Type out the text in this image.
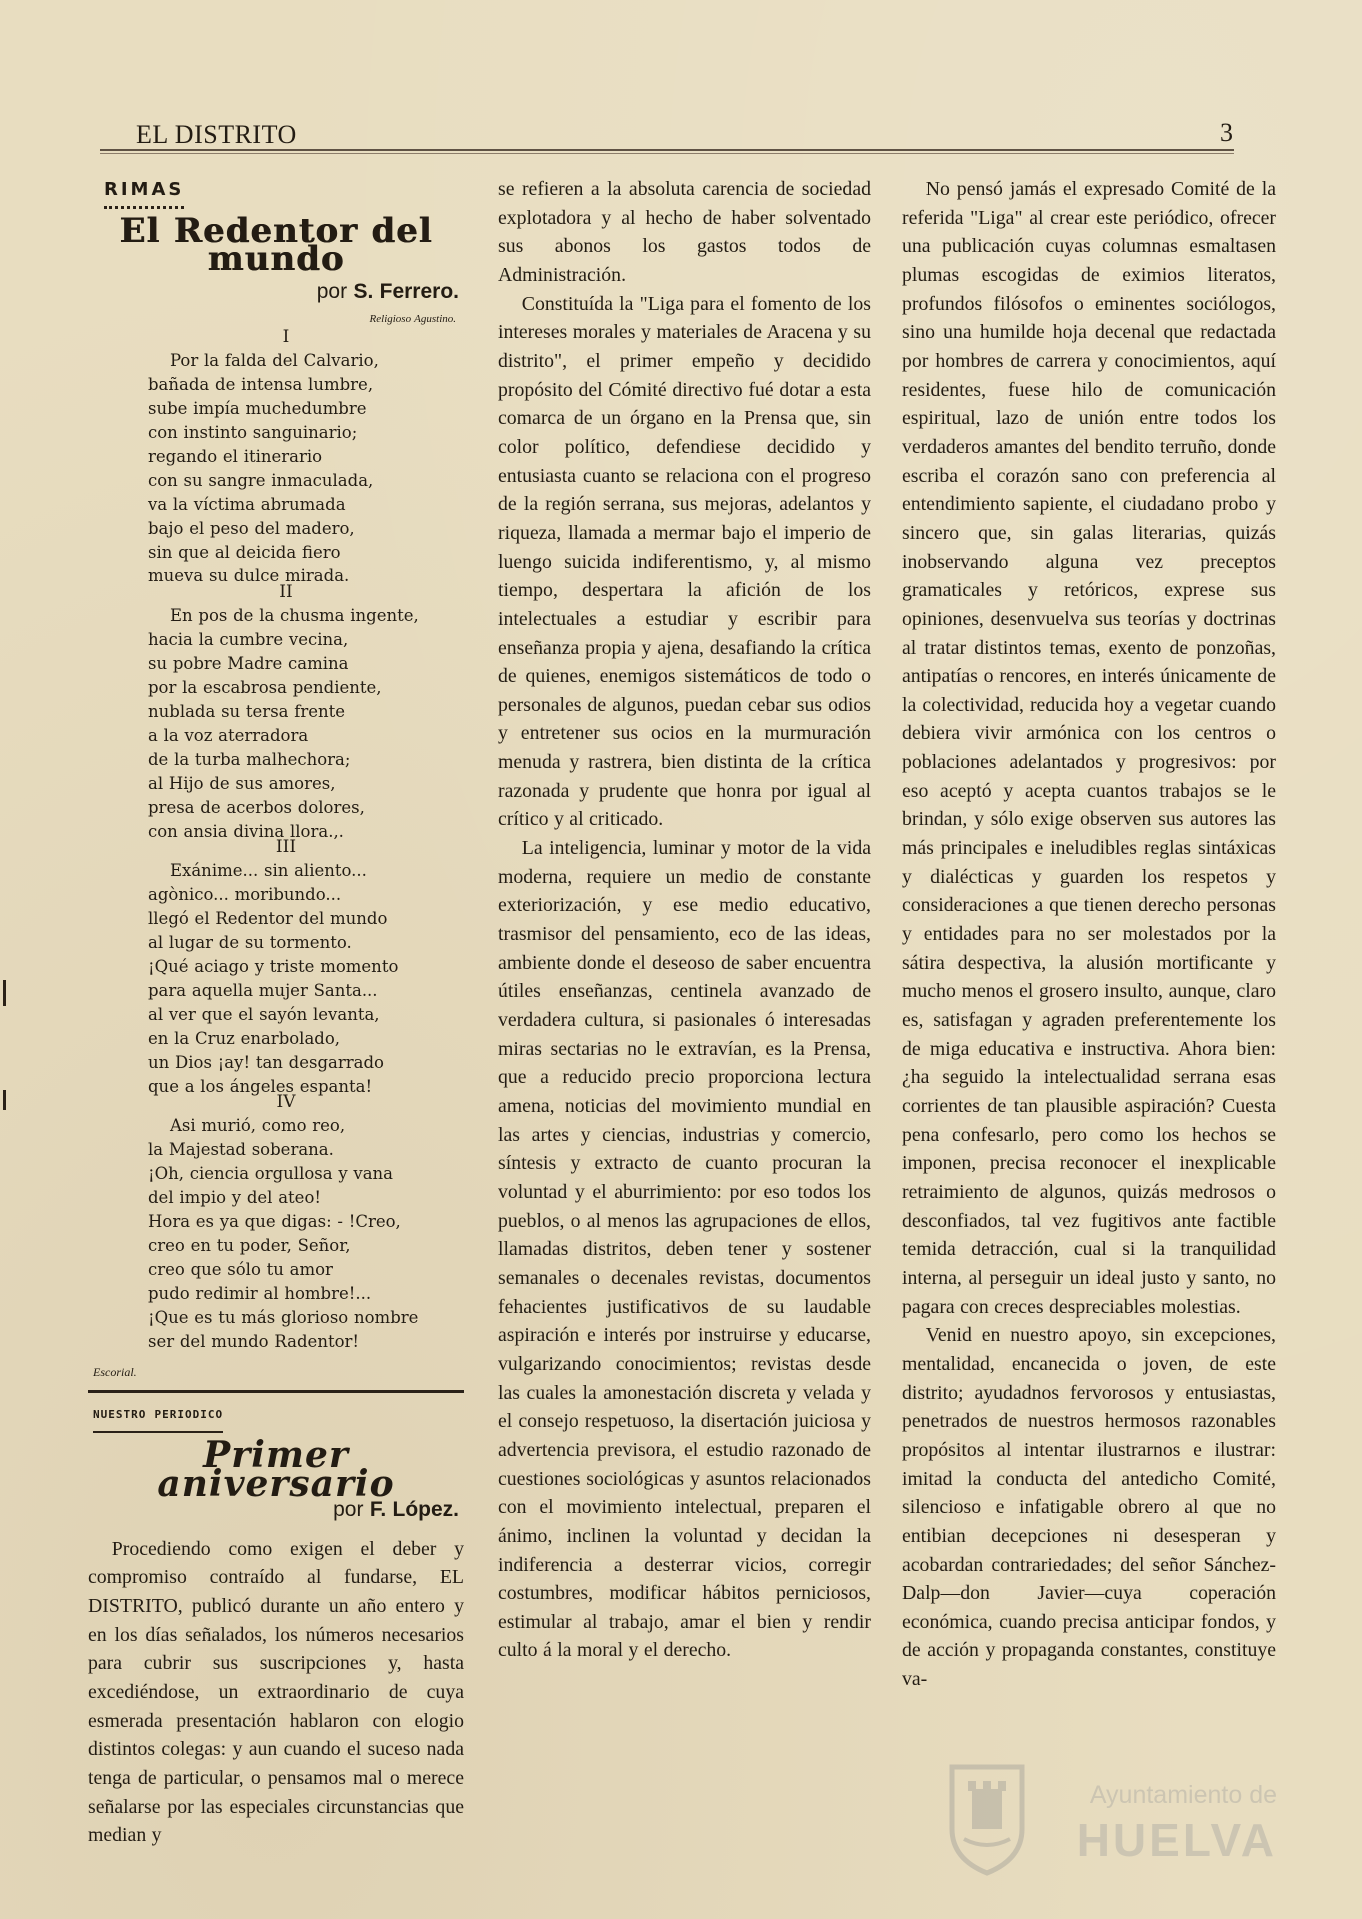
EL DISTRITO	3
RIMAS
El Redentor del mundo
por S. Ferrero.
Religioso Agustino.
I
Por la falda del Calvario,
bañada de intensa lumbre,
sube impía muchedumbre
con instinto sanguinario;
regando el itinerario
con su sangre inmaculada,
va la víctima abrumada
bajo el peso del madero,
sin que al deicida fiero
mueva su dulce mirada.
II
En pos de la chusma ingente,
hacia la cumbre vecina,
su pobre Madre camina
por la escabrosa pendiente,
nublada su tersa frente
a la voz aterradora
de la turba malhechora;
al Hijo de sus amores,
presa de acerbos dolores,
con ansia divina llora.,.
III
Exánime... sin aliento...
agònico... moribundo...
llegó el Redentor del mundo
al lugar de su tormento.
¡Qué aciago y triste momento
para aquella mujer Santa...
al ver que el sayón levanta,
en la Cruz enarbolado,
un Dios ¡ay! tan desgarrado
que a los ángeles espanta!
IV
Asi murió, como reo,
la Majestad soberana.
¡Oh, ciencia orgullosa y vana
del impio y del ateo!
Hora es ya que digas: - !Creo,
creo en tu poder, Señor,
creo que sólo tu amor
pudo redimir al hombre!...
¡Que es tu más glorioso nombre
ser del mundo Radentor!
Escorial.
NUESTRO PERIODICO
Primer aniversario
por F. López.

Procediendo como exigen el deber y compromiso contraído al fundarse, EL DISTRITO, publicó durante un año entero y en los días señalados, los números necesarios para cubrir sus suscripciones y, hasta excediéndose, un extraordinario de cuya esmerada presentación hablaron con elogio distintos colegas: y aun cuando el suceso nada tenga de particular, o pensamos mal o merece señalarse por las especiales circunstancias que median y

se refieren a la absoluta carencia de sociedad explotadora y al hecho de haber solventado sus abonos los gastos todos de Administración.

Constituída la "Liga para el fomento de los intereses morales y materiales de Aracena y su distrito", el primer empeño y decidido propósito del Cómité directivo fué dotar a esta comarca de un órgano en la Prensa que, sin color político, defendiese decidido y entusiasta cuanto se relaciona con el progreso de la región serrana, sus mejoras, adelantos y riqueza, llamada a mermar bajo el imperio de luengo suicida indiferentismo, y, al mismo tiempo, despertara la afición de los intelectuales a estudiar y escribir para enseñanza propia y ajena, desafiando la crítica de quienes, enemigos sistemáticos de todo o personales de algunos, puedan cebar sus odios y entretener sus ocios en la murmuración menuda y rastrera, bien distinta de la crítica razonada y prudente que honra por igual al crítico y al criticado.

La inteligencia, luminar y motor de la vida moderna, requiere un medio de constante exteriorización, y ese medio educativo, trasmisor del pensamiento, eco de las ideas, ambiente donde el deseoso de saber encuentra útiles enseñanzas, centinela avanzado de verdadera cultura, si pasionales ó interesadas miras sectarias no le extravían, es la Prensa, que a reducido precio proporciona lectura amena, noticias del movimiento mundial en las artes y ciencias, industrias y comercio, síntesis y extracto de cuanto procuran la voluntad y el aburrimiento: por eso todos los pueblos, o al menos las agrupaciones de ellos, llamadas distritos, deben tener y sostener semanales o decenales revistas, documentos fehacientes justificativos de su laudable aspiración e interés por instruirse y educarse, vulgarizando conocimientos; revistas desde las cuales la amonestación discreta y velada y el consejo respetuoso, la disertación juiciosa y advertencia previsora, el estudio razonado de cuestiones sociológicas y asuntos relacionados con el movimiento intelectual, preparen el ánimo, inclinen la voluntad y decidan la indiferencia a desterrar vicios, corregir costumbres, modificar hábitos perniciosos, estimular al trabajo, amar el bien y rendir culto á la moral y el derecho.

No pensó jamás el expresado Comité de la referida "Liga" al crear este periódico, ofrecer una publicación cuyas columnas esmaltasen plumas escogidas de eximios literatos, profundos filósofos o eminentes sociólogos, sino una humilde hoja decenal que redactada por hombres de carrera y conocimientos, aquí residentes, fuese hilo de comunicación espiritual, lazo de unión entre todos los verdaderos amantes del bendito terruño, donde escriba el corazón sano con preferencia al entendimiento sapiente, el ciudadano probo y sincero que, sin galas literarias, quizás inobservando alguna vez preceptos gramaticales y retóricos, exprese sus opiniones, desenvuelva sus teorías y doctrinas al tratar distintos temas, exento de ponzoñas, antipatías o rencores, en interés únicamente de la colectividad, reducida hoy a vegetar cuando debiera vivir armónica con los centros o poblaciones adelantados y progresivos: por eso aceptó y acepta cuantos trabajos se le brindan, y sólo exige observen sus autores las más principales e ineludibles reglas sintáxicas y dialécticas y guarden los respetos y consideraciones a que tienen derecho personas y entidades para no ser molestados por la sátira despectiva, la alusión mortificante y mucho menos el grosero insulto, aunque, claro es, satisfagan y agraden preferentemente los de miga educativa e instructiva. Ahora bien: ¿ha seguido la intelectualidad serrana esas corrientes de tan plausible aspiración? Cuesta pena confesarlo, pero como los hechos se imponen, precisa reconocer el inexplicable retraimiento de algunos, quizás medrosos o desconfiados, tal vez fugitivos ante factible temida detracción, cual si la tranquilidad interna, al perseguir un ideal justo y santo, no pagara con creces despreciables molestias.

Venid en nuestro apoyo, sin excepciones, mentalidad, encanecida o joven, de este distrito; ayudadnos fervorosos y entusiastas, penetrados de nuestros hermosos razonables propósitos al intentar ilustrarnos e ilustrar: imitad la conducta del antedicho Comité, silencioso e infatigable obrero al que no entibian decepciones ni desesperan y acobardan contrariedades; del señor Sánchez-Dalp—don Javier—cuya coperación económica, cuando precisa anticipar fondos, y de acción y propaganda constantes, constituye va-

Ayuntamiento de
HUELVA
